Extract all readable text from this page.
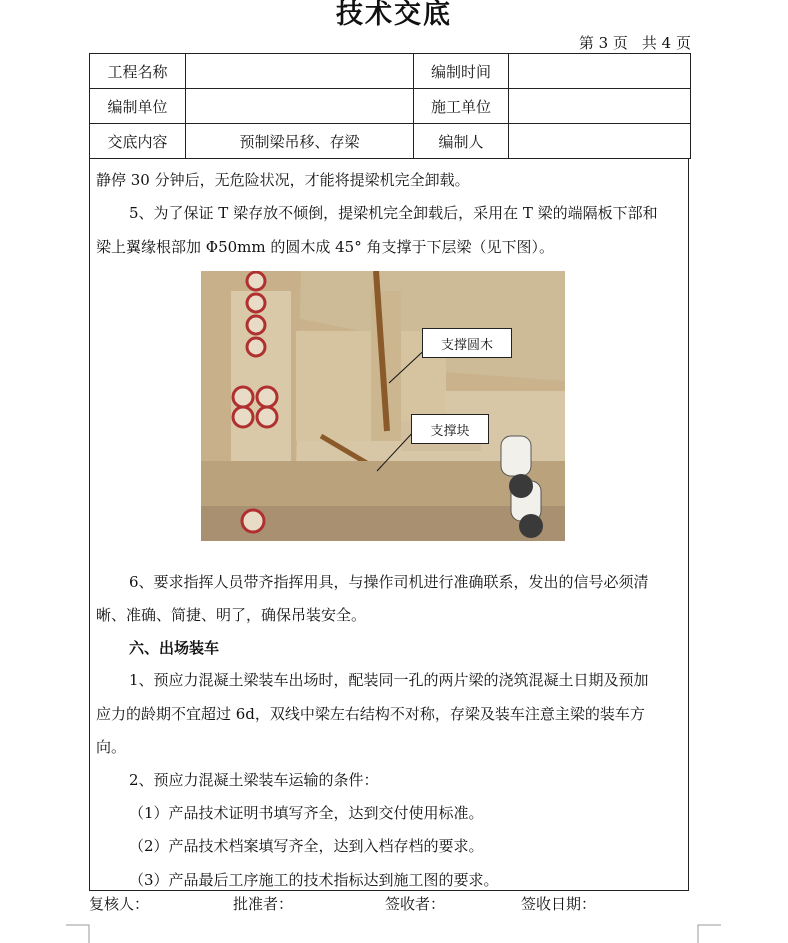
技术交底
第 3 页 共 4 页
工程名称		编制时间	
编制单位		施工单位	
交底内容	预制梁吊移、存梁	编制人	
静停 30 分钟后，无危险状况，才能将提梁机完全卸载。
5、为了保证 T 梁存放不倾倒，提梁机完全卸载后，采用在 T 梁的端隔板下部和
梁上翼缘根部加 Φ50mm 的圆木成 45° 角支撑于下层梁（见下图）。
支撑圆木
支撑块
6、要求指挥人员带齐指挥用具，与操作司机进行准确联系，发出的信号必须清
晰、准确、简捷、明了，确保吊装安全。
六、出场装车
1、预应力混凝土梁装车出场时，配装同一孔的两片梁的浇筑混凝土日期及预加
应力的龄期不宜超过 6d，双线中梁左右结构不对称，存梁及装车注意主梁的装车方
向。
2、预应力混凝土梁装车运输的条件：
（1）产品技术证明书填写齐全，达到交付使用标准。
（2）产品技术档案填写齐全，达到入档存档的要求。
（3）产品最后工序施工的技术指标达到施工图的要求。
复核人：	批准者：	签收者：	签收日期：
